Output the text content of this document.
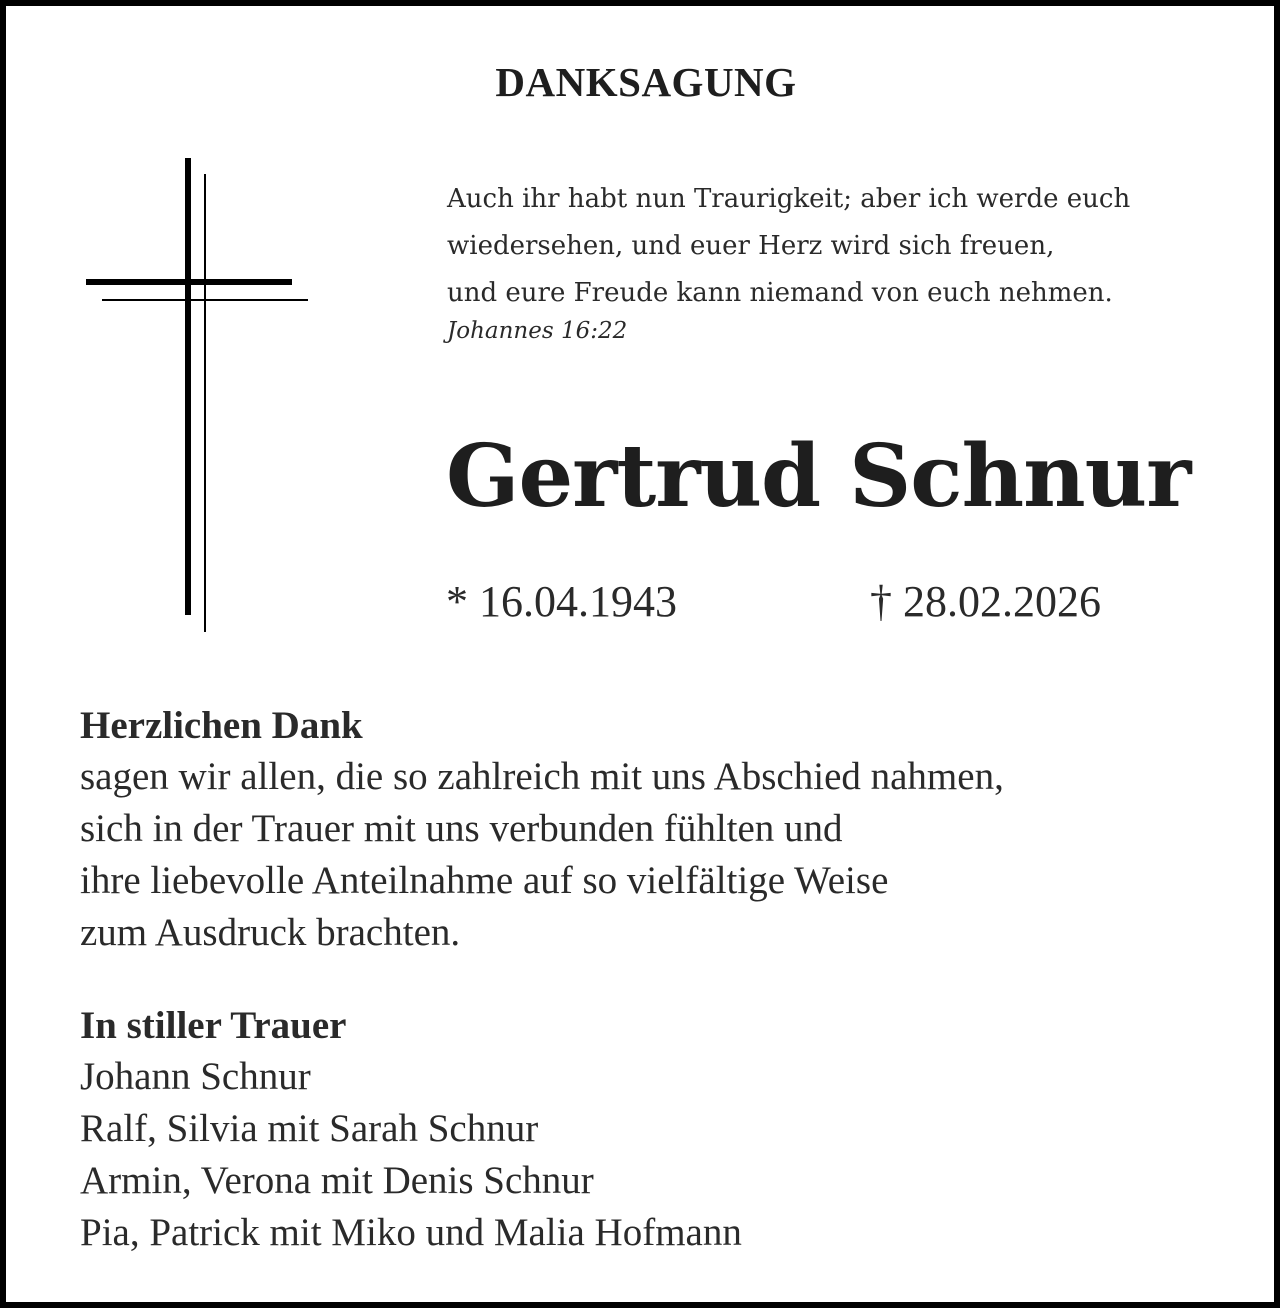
DANKSAGUNG
Auch ihr habt nun Traurigkeit; aber ich werde euch
wiedersehen, und euer Herz wird sich freuen,
und eure Freude kann niemand von euch nehmen.
Johannes 16:22
Gertrud Schnur
* 16.04.1943	† 28.02.2026
Herzlichen Dank
sagen wir allen, die so zahlreich mit uns Abschied nahmen,
sich in der Trauer mit uns verbunden fühlten und
ihre liebevolle Anteilnahme auf so vielfältige Weise
zum Ausdruck brachten.
In stiller Trauer
Johann Schnur
Ralf, Silvia mit Sarah Schnur
Armin, Verona mit Denis Schnur
Pia, Patrick mit Miko und Malia Hofmann
